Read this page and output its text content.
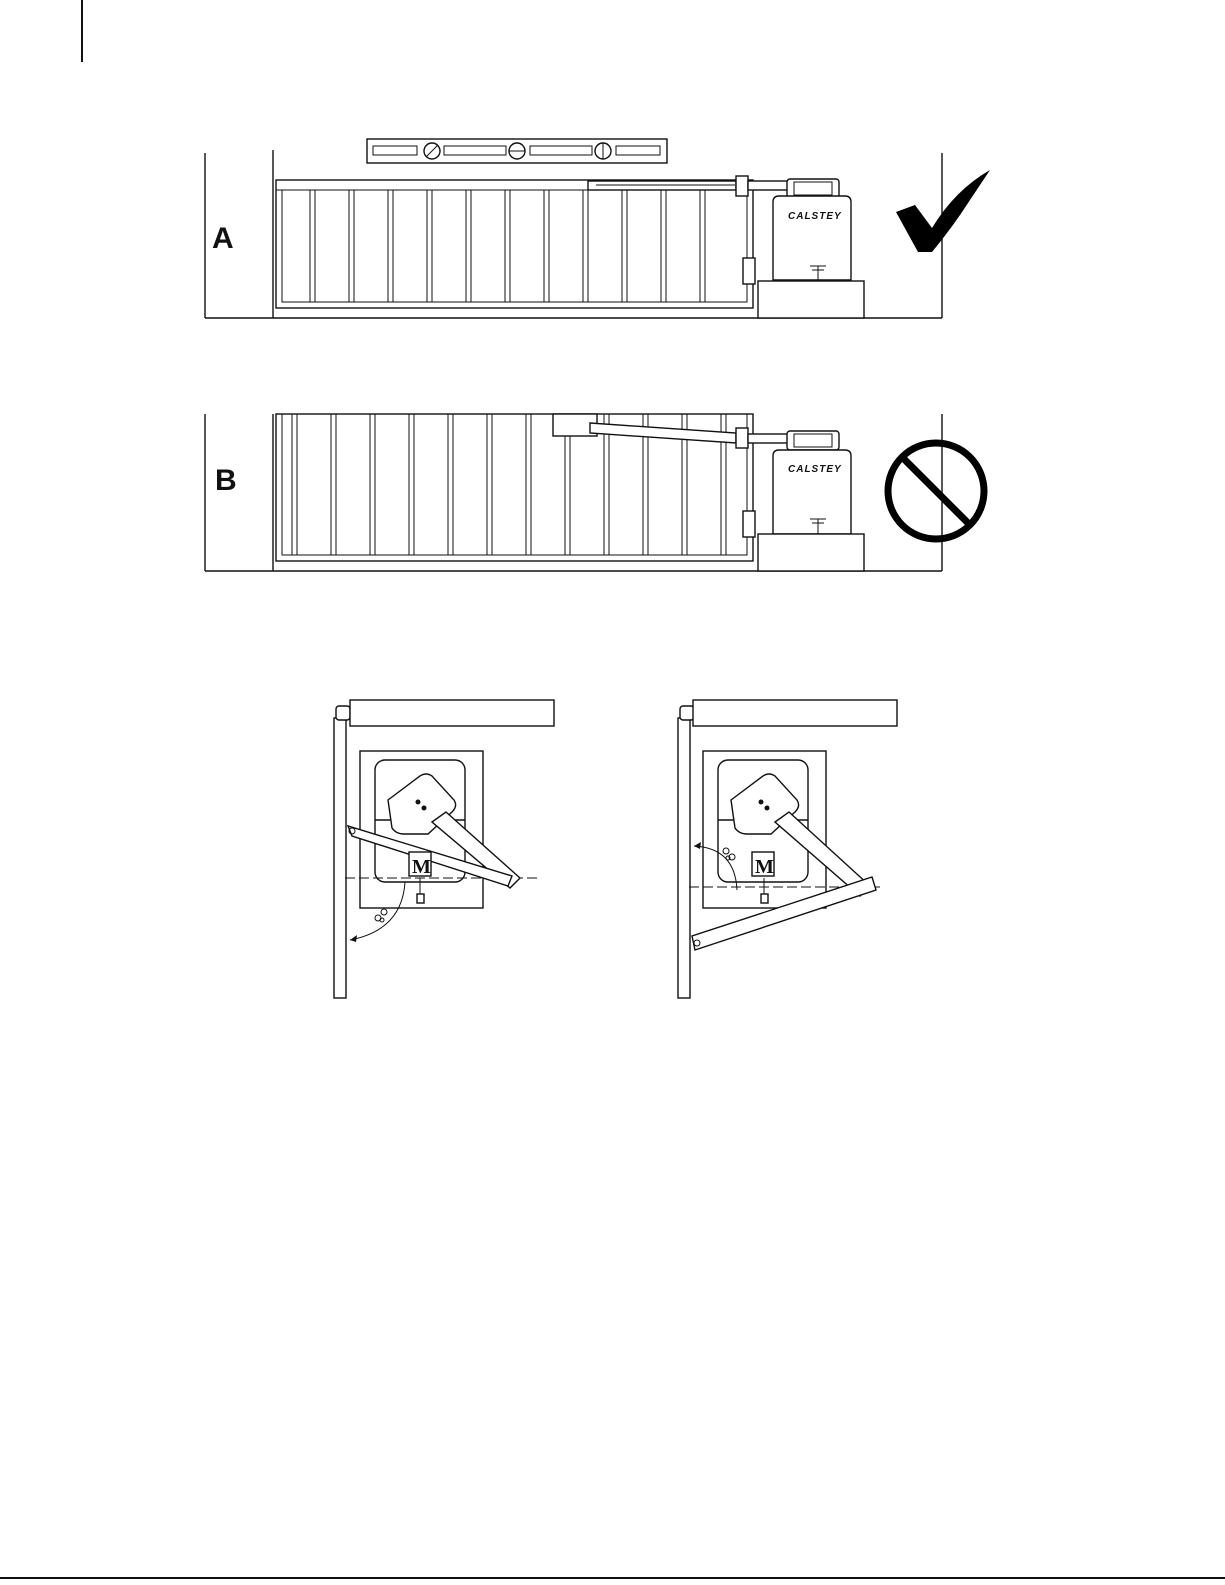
A
CALSTEY
B	CALSTEY
M	M
